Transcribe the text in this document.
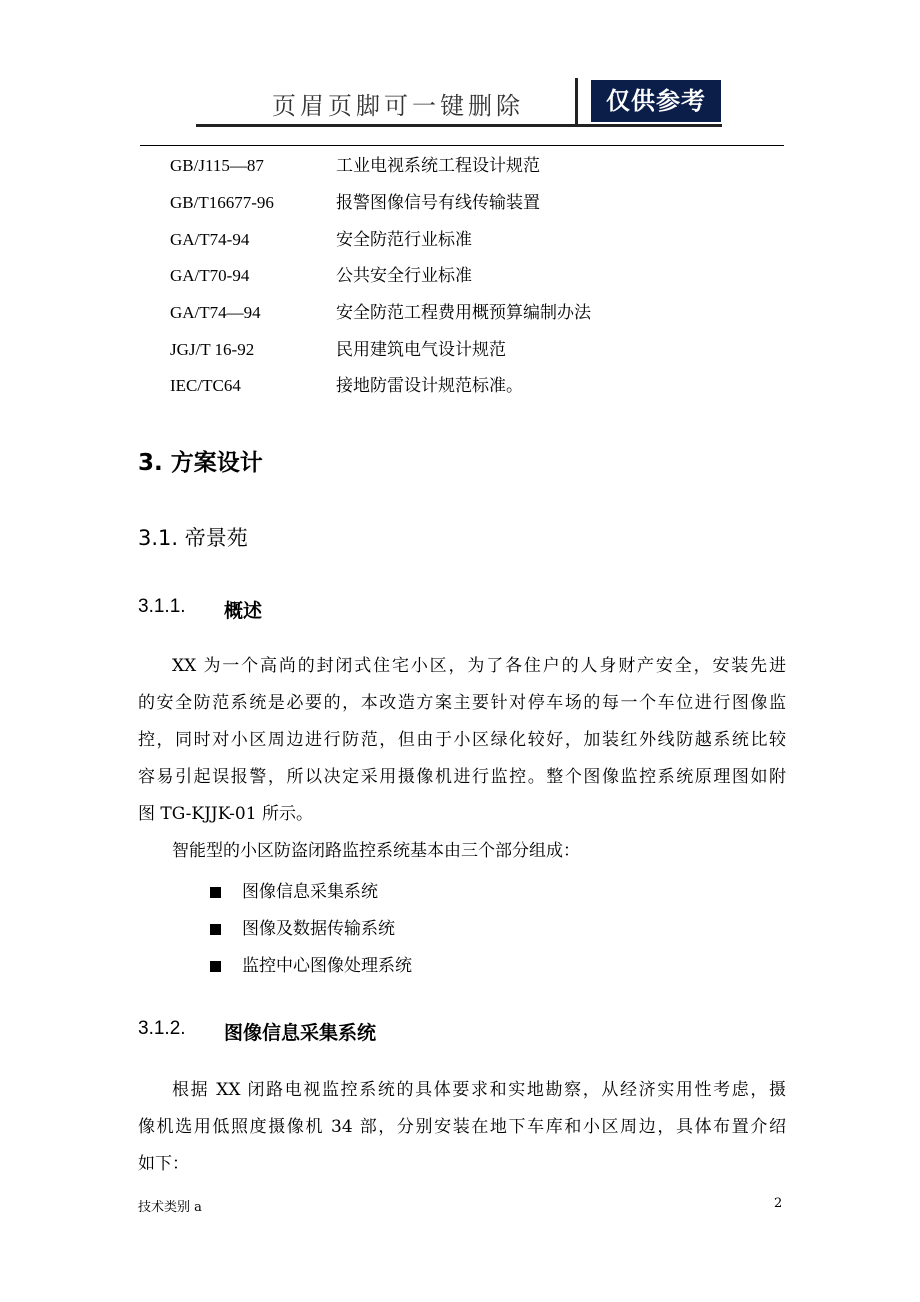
页眉页脚可一键删除	仅供参考
GB/J115—87	工业电视系统工程设计规范
GB/T16677-96	报警图像信号有线传输装置
GA/T74-94	安全防范行业标准
GA/T70-94	公共安全行业标准
GA/T74—94	安全防范工程费用概预算编制办法
JGJ/T 16-92	民用建筑电气设计规范
IEC/TC64	接地防雷设计规范标准。
3. 方案设计
3.1. 帝景苑
3.1.1. 概述
XX 为一个高尚的封闭式住宅小区，为了各住户的人身财产安全，安装先进
的安全防范系统是必要的，本改造方案主要针对停车场的每一个车位进行图像监
控，同时对小区周边进行防范，但由于小区绿化较好，加装红外线防越系统比较
容易引起误报警，所以决定采用摄像机进行监控。整个图像监控系统原理图如附
图 TG-KJJK-01 所示。
智能型的小区防盗闭路监控系统基本由三个部分组成：
图像信息采集系统
图像及数据传输系统
监控中心图像处理系统
3.1.2. 图像信息采集系统
根据 XX 闭路电视监控系统的具体要求和实地勘察，从经济实用性考虑，摄
像机选用低照度摄像机 34 部，分别安装在地下车库和小区周边，具体布置介绍
如下：
技术类别 a	2
